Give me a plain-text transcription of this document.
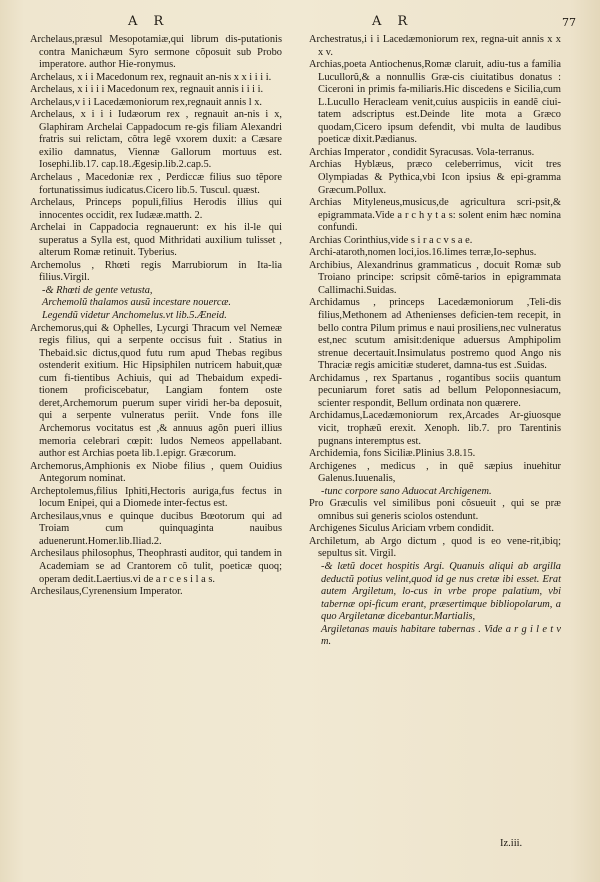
A R	A R	77

Archelaus,præsul Mesopotamiæ,qui librum dis-putationis contra Manichæum Syro sermone cõposuit sub Probo imperatore. author Hie-ronymus.

Archelaus, x i i Macedonum rex, regnauit an-nis x x i i i i.

Archelaus, x i i i i Macedonum rex, regnauit annis i i i i.

Archelaus,v i i Lacedæmoniorum rex,regnauit annis l x.

Archelaus, x i i i Iudæorum rex , regnauit an-nis i x, Glaphiram Archelai Cappadocum re-gis filiam Alexandri fratris sui relictam, cõtra legẽ vxorem duxit: a Cæsare exilio damnatus, Viennæ Gallorum mortuus est. Iosephi.lib.17. cap.18.Ægesip.lib.2.cap.5.

Archelaus , Macedoniæ rex , Perdiccæ filius suo tẽpore fortunatissimus iudicatus.Cicero lib.5. Tuscul. quæst.

Archelaus, Princeps populi,filius Herodis illius qui innocentes occidit, rex Iudææ.matth. 2.

Archelai in Cappadocia regnauerunt: ex his il-le qui superatus a Sylla est, quod Mithridati auxilium tulisset , alterum Romæ retinuit. Tyberius.

Archemolus , Rhœti regis Marrubiorum in Ita-lia filius.Virgil.

-& Rhœti de gente vetusta,

Archemolũ thalamos ausũ incestare nouercæ.

Legendũ videtur Anchomelus.vt lib.5.Æneid.

Archemorus,qui & Ophelles, Lycurgi Thracum vel Nemeæ regis filius, qui a serpente occisus fuit . Statius in Thebaid.sic dictus,quod futu rum apud Thebas regibus ostenderit exitium. Hic Hipsiphilen nutricem habuit,quæ cum fi-tientibus Achiuis, qui ad Thebaidum expedi-tionem proficiscebatur, Langiam fontem oste deret,Archemorum puerum super viridi her-ba deposuit, qui a serpente vulneratus periit. Vnde fons ille Archemorus vocitatus est ,& annuus agõn pueri illius memoria celebrari cœpit: ludos Nemeos appellabant. author est Archias poeta lib.1.epigr. Græcorum.

Archemorus,Amphionis ex Niobe filius , quem Ouidius Antegorum nominat.

Archeptolemus,filius Iphiti,Hectoris auriga,fus fectus in locum Enipei, qui a Diomede inter-fectus est.

Archesilaus,vnus e quinque ducibus Bœotorum qui ad Troiam cum quinquaginta nauibus aduenerunt.Homer.lib.Iliad.2.

Archesilaus philosophus, Theophrasti auditor, qui tandem in Academiam se ad Crantorem cõ tulit, poeticæ quoq; operam dedit.Laertius.vi de a r c e s i l a s.

Archesilaus,Cyrenensium Imperator.

Archestratus,i i i Lacedæmoniorum rex, regna-uit annis x x x v.

Archias,poeta Antiochenus,Romæ claruit, adiu-tus a familia Lucullorũ,& a nonnullis Græ-cis ciuitatibus donatus : Ciceroni in primis fa-miliaris.Hic discedens e Sicilia,cum L.Lucullo Heracleam venit,cuius auspiciis in eandẽ ciui-tatem adscriptus est.Deinde lite mota a Græco quodam,Cicero ipsum defendit, vbi multa de laudibus poeticæ dixit.Pædianus.

Archias Imperator , condidit Syracusas. Vola-terranus.

Archias Hyblæus, præco celeberrimus, vicit tres Olympiadas & Pythica,vbi Icon ipsius & epi-gramma Græcum.Pollux.

Archias Mityleneus,musicus,de agricultura scri-psit,& epigrammata.Vide a r c h y t a s: solent enim hæc nomina confundi.

Archias Corinthius,vide s i r a c v s a e.

Archi-ataroth,nomen loci,ios.16.limes terræ,Io-sephus.

Archibius, Alexandrinus grammaticus , docuit Romæ sub Troiano principe: scripsit cõmẽ-tarios in epigrammata Callimachi.Suidas.

Archidamus , princeps Lacedæmoniorum ,Teli-dis filius,Methonem ad Athenienses deficien-tem recepit, in bello contra Pilum primus e naui prosiliens,nec vulneratus est,nec scutum amisit:denique aduersus Amphipolim strenue decertauit.Insimulatus postremo quod Ango nis Thraciæ regis amicitiæ studeret, damna-tus est .Suidas.

Archidamus , rex Spartanus , rogantibus sociis quantum pecuniarum foret satis ad bellum Peloponnesiacum, scienter respondit, Bellum ordinata non quærere.

Archidamus,Lacedæmoniorum rex,Arcades Ar-giuosque vicit, trophæũ erexit. Xenoph. lib.7. pro Tarentinis pugnans interemptus est.

Archidemia, fons Siciliæ.Plinius 3.8.15.

Archigenes , medicus , in quẽ sæpius inuehitur Galenus.Iuuenalis,

-tunc corpore sano Aduocat Archigenem.

Pro Græculis vel similibus poni cõsueuit , qui se præ omnibus sui generis sciolos ostendunt.

Archigenes Siculus Ariciam vrbem condidit.

Archiletum, ab Argo dictum , quod is eo vene-rit,ibiq; sepultus sit. Virgil.

-& lætũ docet hospitis Argi. Quanuis aliqui ab argilla deductũ potius velint,quod id ge nus cretæ ibi esset. Erat autem Argiletum, lo-cus in vrbe prope palatium, vbi tabernæ opi-ficum erant, præsertimque bibliopolarum, a quo Argiletanæ dicebantur.Martialis,

Argiletanas mauis habitare tabernas . Vide a r g i l e t v m.

Iz.iii.
